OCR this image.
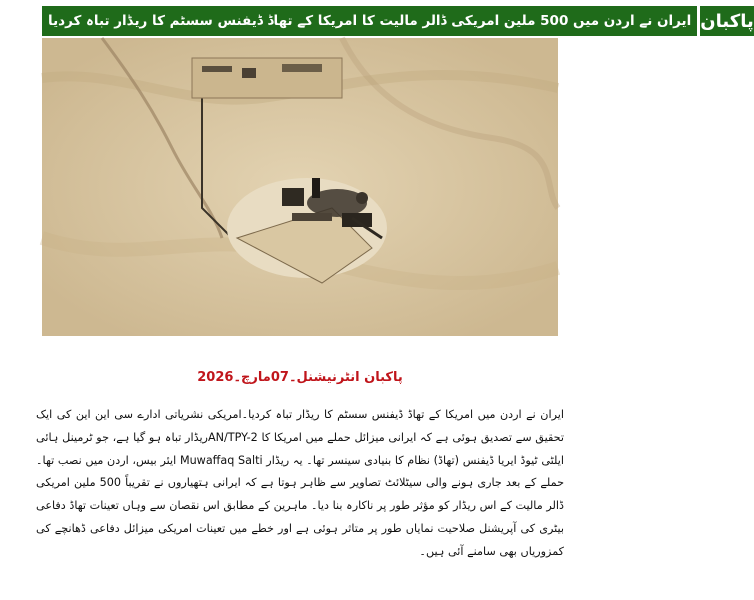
ایران نے اردن میں 500 ملین امریکی ڈالر مالیت کا امریکا کے تھاڈ ڈیفنس سسٹم کا ریڈار تباہ کردیا پاکبان
پاکبان انٹرنیشنل۔07مارچ۔2026
ایران نے اردن میں امریکا کے تھاڈ ڈیفنس سسٹم کا ریڈار تباہ کردیا۔امریکی نشریاتی ادارے سی این این کی ایک تحقیق سے تصدیق ہوئی ہے کہ ایرانی میزائل حملے میں امریکا کا AN/TPY-2ریڈار تباہ ہو گیا ہے، جو ٹرمینل ہائی ایلٹی ٹیوڈ ایریا ڈیفنس (تھاڈ) نظام کا بنیادی سینسر تھا۔ یہ ریڈار Muwaffaq Salti ایئر بیس، اردن میں نصب تھا۔ حملے کے بعد جاری ہونے والی سیٹلائٹ تصاویر سے ظاہر ہوتا ہے کہ ایرانی ہتھیاروں نے تقریباً 500 ملین امریکی ڈالر مالیت کے اس ریڈار کو مؤثر طور پر ناکارہ بنا دیا۔ ماہرین کے مطابق اس نقصان سے وہاں تعینات تھاڈ دفاعی بیٹری کی آپریشنل صلاحیت نمایاں طور پر متاثر ہوئی ہے اور خطے میں تعینات امریکی میزائل دفاعی ڈھانچے کی کمزوریاں بھی سامنے آئی ہیں۔
